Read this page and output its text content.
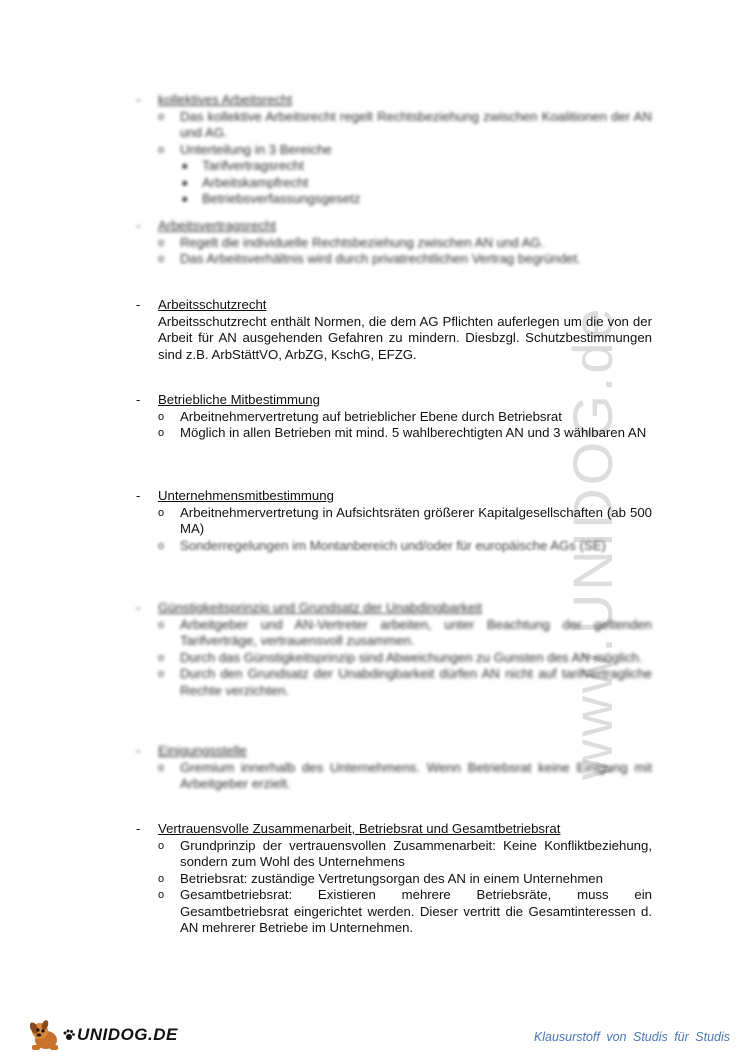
www.UNIDOG.de
- kollektives Arbeitsrecht
o Das kollektive Arbeitsrecht regelt Rechtsbeziehung zwischen Koalitionen der AN und AG.
o Unterteilung in 3 Bereiche
■ Tarifvertragsrecht
■ Arbeitskampfrecht
■ Betriebsverfassungsgesetz
- Arbeitsvertragsrecht
o Regelt die individuelle Rechtsbeziehung zwischen AN und AG.
o Das Arbeitsverhältnis wird durch privatrechtlichen Vertrag begründet.
- Arbeitsschutzrecht
Arbeitsschutzrecht enthält Normen, die dem AG Pflichten auferlegen um die von der Arbeit für AN ausgehenden Gefahren zu mindern. Diesbzgl. Schutzbestimmungen sind z.B. ArbStättVO, ArbZG, KschG, EFZG.
- Betriebliche Mitbestimmung
o Arbeitnehmervertretung auf betrieblicher Ebene durch Betriebsrat
o Möglich in allen Betrieben mit mind. 5 wahlberechtigten AN und 3 wählbaren AN
- Unternehmensmitbestimmung
o Arbeitnehmervertretung in Aufsichtsräten größerer Kapitalgesellschaften (ab 500 MA)
o Sonderregelungen im Montanbereich und/oder für europäische AGs (SE)
- Günstigkeitsprinzip und Grundsatz der Unabdingbarkeit
o Arbeitgeber und AN-Vertreter arbeiten, unter Beachtung der geltenden Tarifverträge, vertrauensvoll zusammen.
o Durch das Günstigkeitsprinzip sind Abweichungen zu Gunsten des AN möglich.
o Durch den Grundsatz der Unabdingbarkeit dürfen AN nicht auf tarifvertragliche Rechte verzichten.
- Einigungsstelle
o Gremium innerhalb des Unternehmens. Wenn Betriebsrat keine Einigung mit Arbeitgeber erzielt.
- Vertrauensvolle Zusammenarbeit, Betriebsrat und Gesamtbetriebsrat
o Grundprinzip der vertrauensvollen Zusammenarbeit: Keine Konfliktbeziehung, sondern zum Wohl des Unternehmens
o Betriebsrat: zuständige Vertretungsorgan des AN in einem Unternehmen
o Gesamtbetriebsrat: Existieren mehrere Betriebsräte, muss ein Gesamtbetriebsrat eingerichtet werden. Dieser vertritt die Gesamtinteressen d. AN mehrerer Betriebe im Unternehmen.
UNIDOG.DE	Klausurstoff von Studis für Studis
